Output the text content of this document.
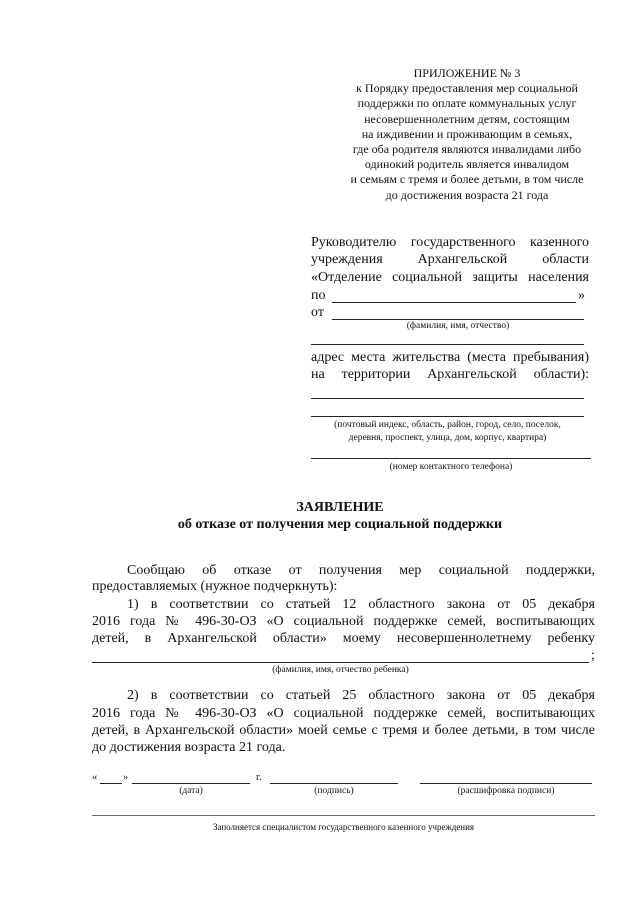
ПРИЛОЖЕНИЕ № 3
к Порядку предоставления мер социальной
поддержки по оплате коммунальных услуг
несовершеннолетним детям, состоящим
на иждивении и проживающим в семьях,
где оба родителя являются инвалидами либо
одинокий родитель является инвалидом
и семьям с тремя и более детьми, в том числе
до достижения возраста 21 года
Руководителю государственного казенного
учреждения Архангельской области
«Отделение социальной защиты населения
по	»
от
(фамилия, имя, отчество)
адрес места жительства (места пребывания)
на территории Архангельской области):
(почтовый индекс, область, район, город, село, поселок,
деревня, проспект, улица, дом, корпус, квартира)
(номер контактного телефона)
ЗАЯВЛЕНИЕ
об отказе от получения мер социальной поддержки
Сообщаю об отказе от получения мер социальной поддержки,
предоставляемых (нужное подчеркнуть):
1) в соответствии со статьей 12 областного закона от 05 декабря
2016 года № 496-30-ОЗ «О социальной поддержке семей, воспитывающих
детей, в Архангельской области» моему несовершеннолетнему ребенку
;
(фамилия, имя, отчество ребенка)
2) в соответствии со статьей 25 областного закона от 05 декабря
2016 года № 496-30-ОЗ «О социальной поддержке семей, воспитывающих
детей, в Архангельской области» моей семье с тремя и более детьми, в том числе
до достижения возраста 21 года.
« »	г.
(дата)	(подпись)	(расшифровка подписи)
Заполняется специалистом государственного казенного учреждения
